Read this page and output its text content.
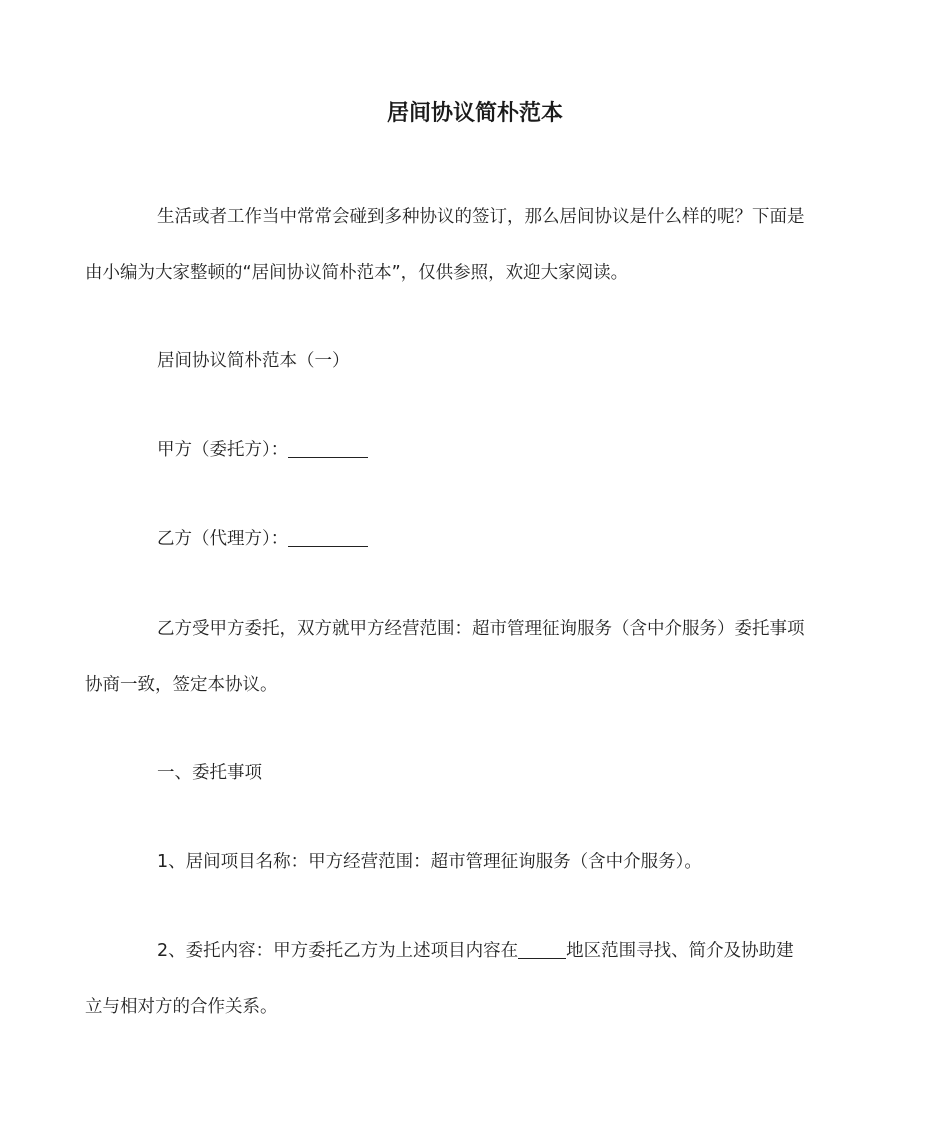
居间协议简朴范本

生活或者工作当中常常会碰到多种协议的签订，那么居间协议是什么样的呢？下面是
由小编为大家整顿的“居间协议简朴范本”，仅供参照，欢迎大家阅读。

居间协议简朴范本（一）

甲方（委托方）：

乙方（代理方）：

乙方受甲方委托，双方就甲方经营范围：超市管理征询服务（含中介服务）委托事项
协商一致，签定本协议。

一、委托事项

1、居间项目名称：甲方经营范围：超市管理征询服务（含中介服务）。

2、委托内容：甲方委托乙方为上述项目内容在	地区范围寻找、简介及协助建
立与相对方的合作关系。
